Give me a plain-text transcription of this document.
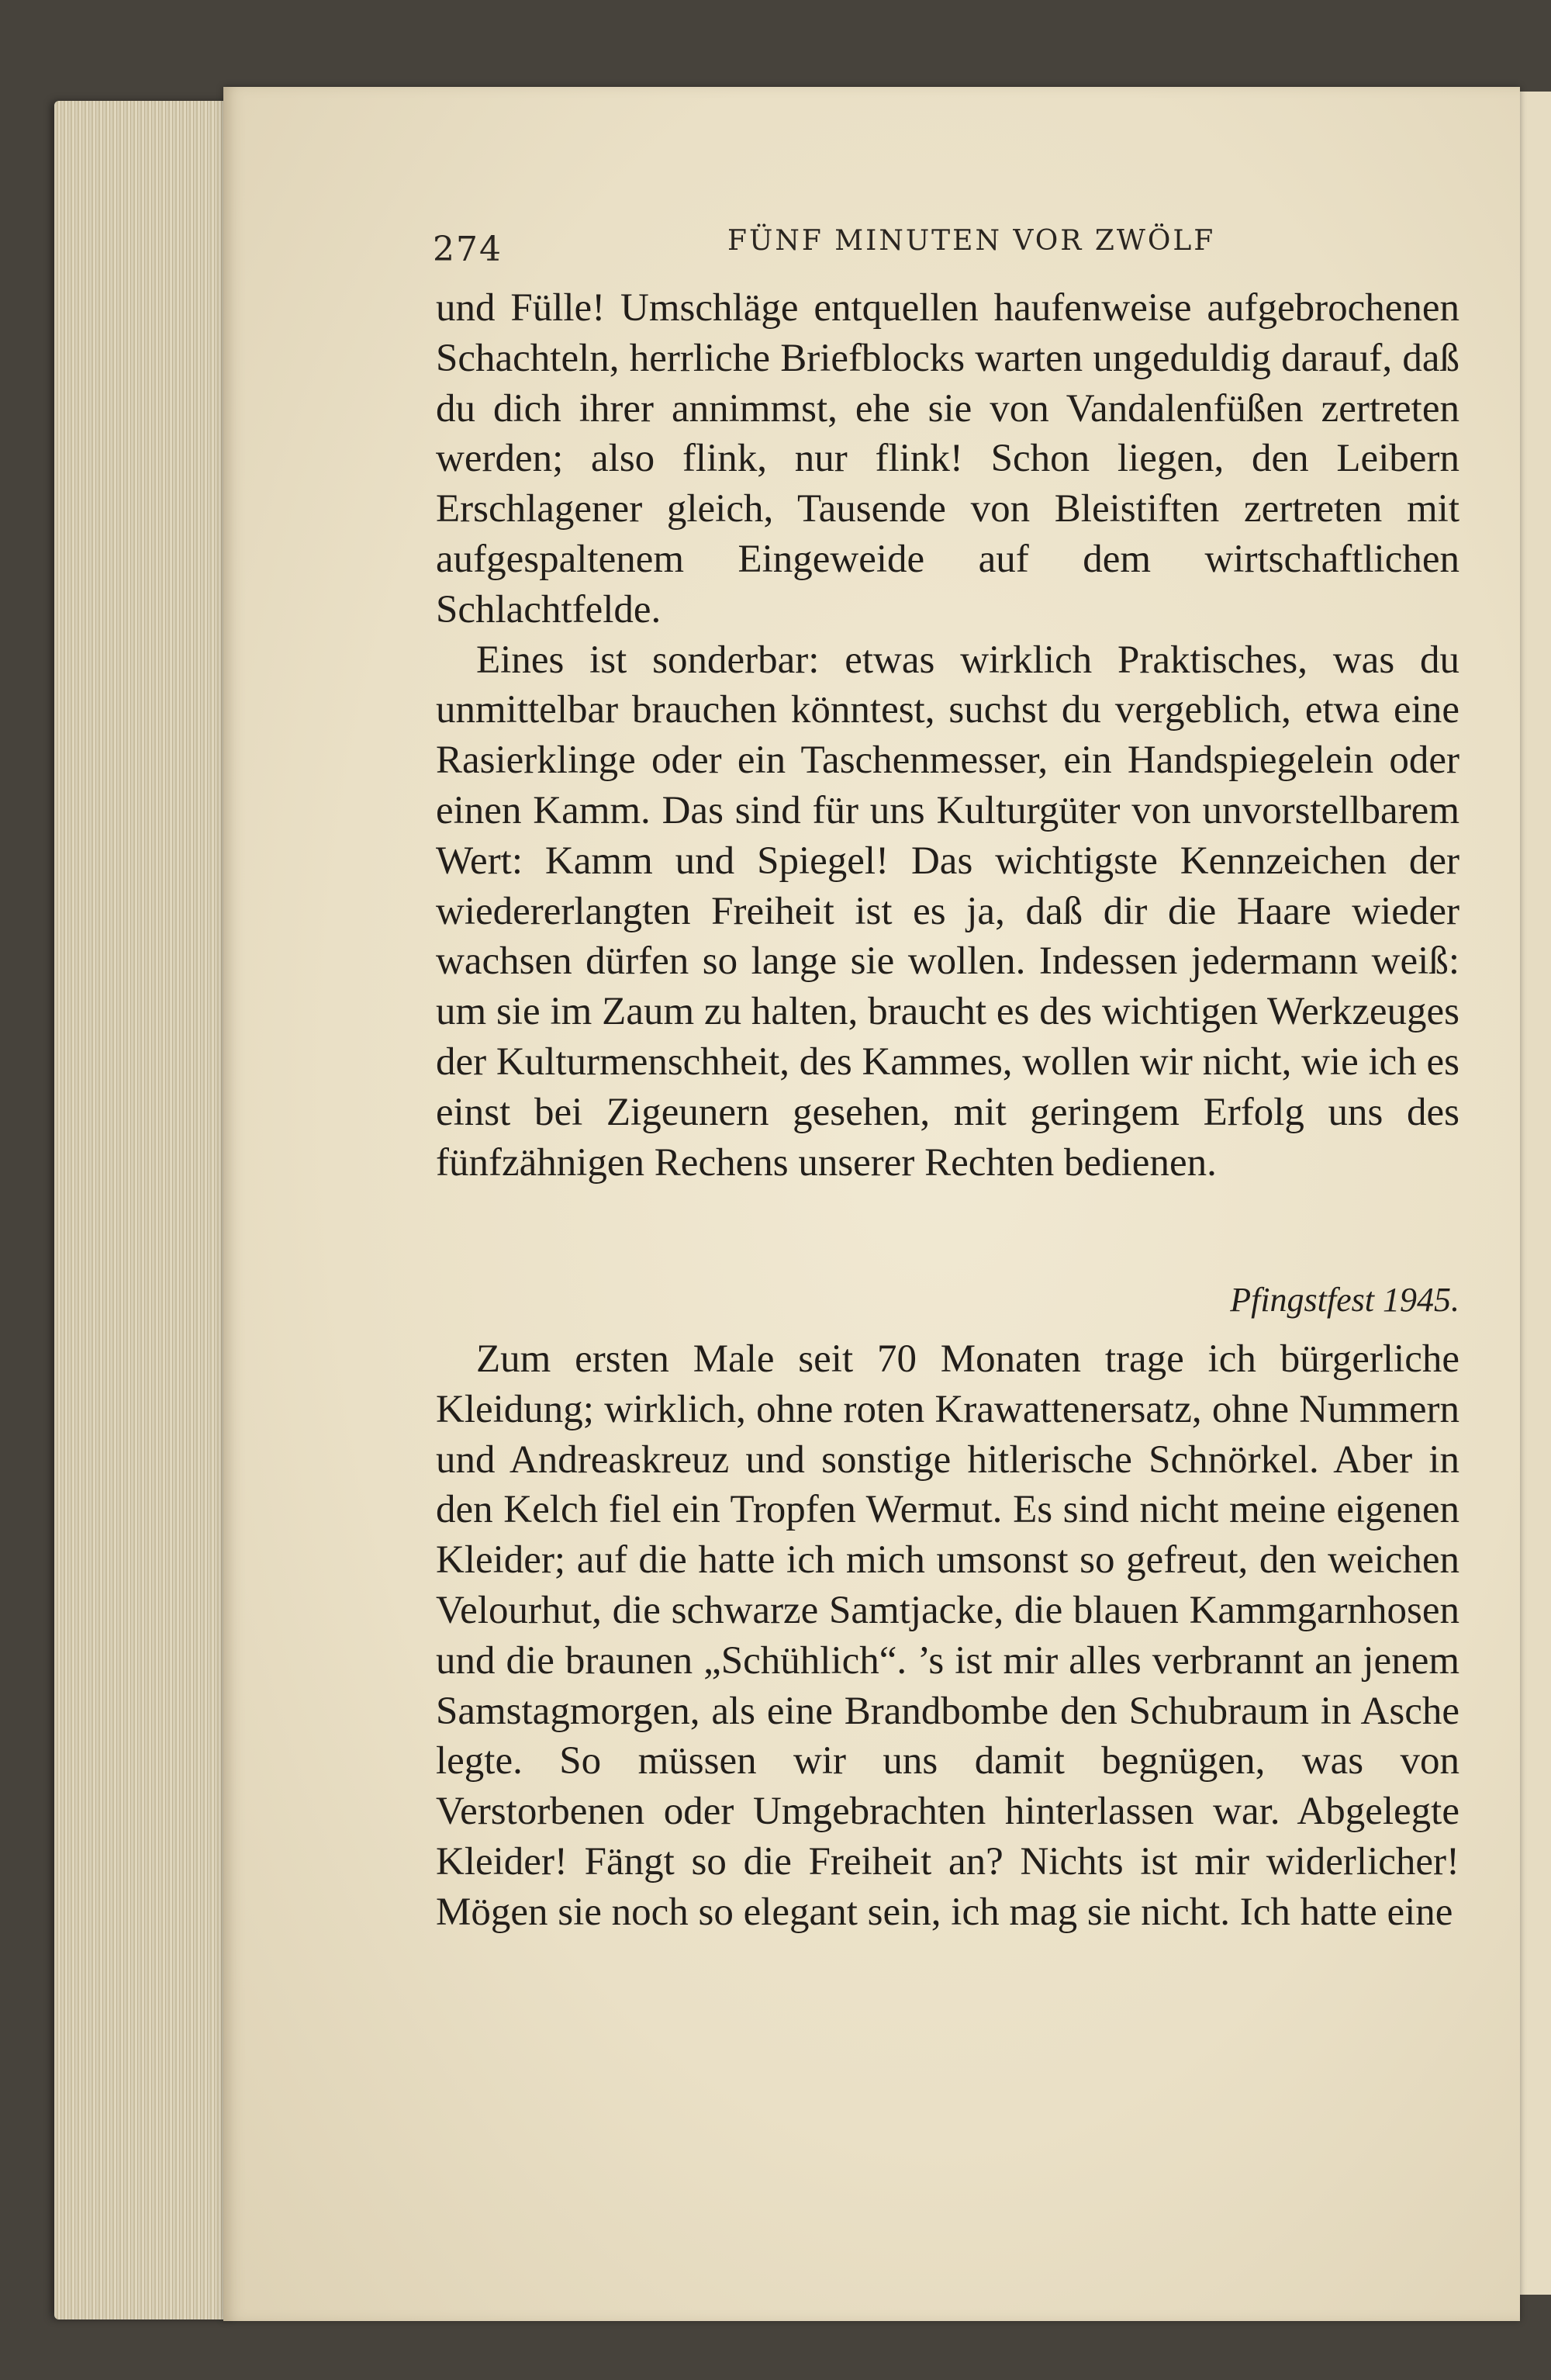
274	FÜNF MINUTEN VOR ZWÖLF

und Fülle! Umschläge entquellen haufenweise aufgebrochenen Schachteln, herrliche Briefblocks warten ungeduldig darauf, daß du dich ihrer annimmst, ehe sie von Vandalenfüßen zertreten werden; also flink, nur flink! Schon liegen, den Leibern Erschlagener gleich, Tausende von Bleistiften zertreten mit aufgespaltenem Eingeweide auf dem wirtschaftlichen Schlachtfelde.

Eines ist sonderbar: etwas wirklich Praktisches, was du unmittelbar brauchen könntest, suchst du vergeblich, etwa eine Rasierklinge oder ein Taschenmesser, ein Handspiegelein oder einen Kamm. Das sind für uns Kulturgüter von unvorstellbarem Wert: Kamm und Spiegel! Das wichtigste Kennzeichen der wiedererlangten Freiheit ist es ja, daß dir die Haare wieder wachsen dürfen so lange sie wollen. Indessen jedermann weiß: um sie im Zaum zu halten, braucht es des wichtigen Werkzeuges der Kulturmenschheit, des Kammes, wollen wir nicht, wie ich es einst bei Zigeunern gesehen, mit geringem Erfolg uns des fünfzähnigen Rechens unserer Rechten bedienen.

Pfingstfest 1945.

Zum ersten Male seit 70 Monaten trage ich bürgerliche Kleidung; wirklich, ohne roten Krawattenersatz, ohne Nummern und Andreaskreuz und sonstige hitlerische Schnörkel. Aber in den Kelch fiel ein Tropfen Wermut. Es sind nicht meine eigenen Kleider; auf die hatte ich mich umsonst so gefreut, den weichen Velourhut, die schwarze Samtjacke, die blauen Kammgarnhosen und die braunen „Schühlich“. ’s ist mir alles verbrannt an jenem Samstagmorgen, als eine Brandbombe den Schubraum in Asche legte. So müssen wir uns damit begnügen, was von Verstorbenen oder Umgebrachten hinterlassen war. Abgelegte Kleider! Fängt so die Freiheit an? Nichts ist mir widerlicher! Mögen sie noch so elegant sein, ich mag sie nicht. Ich hatte eine
